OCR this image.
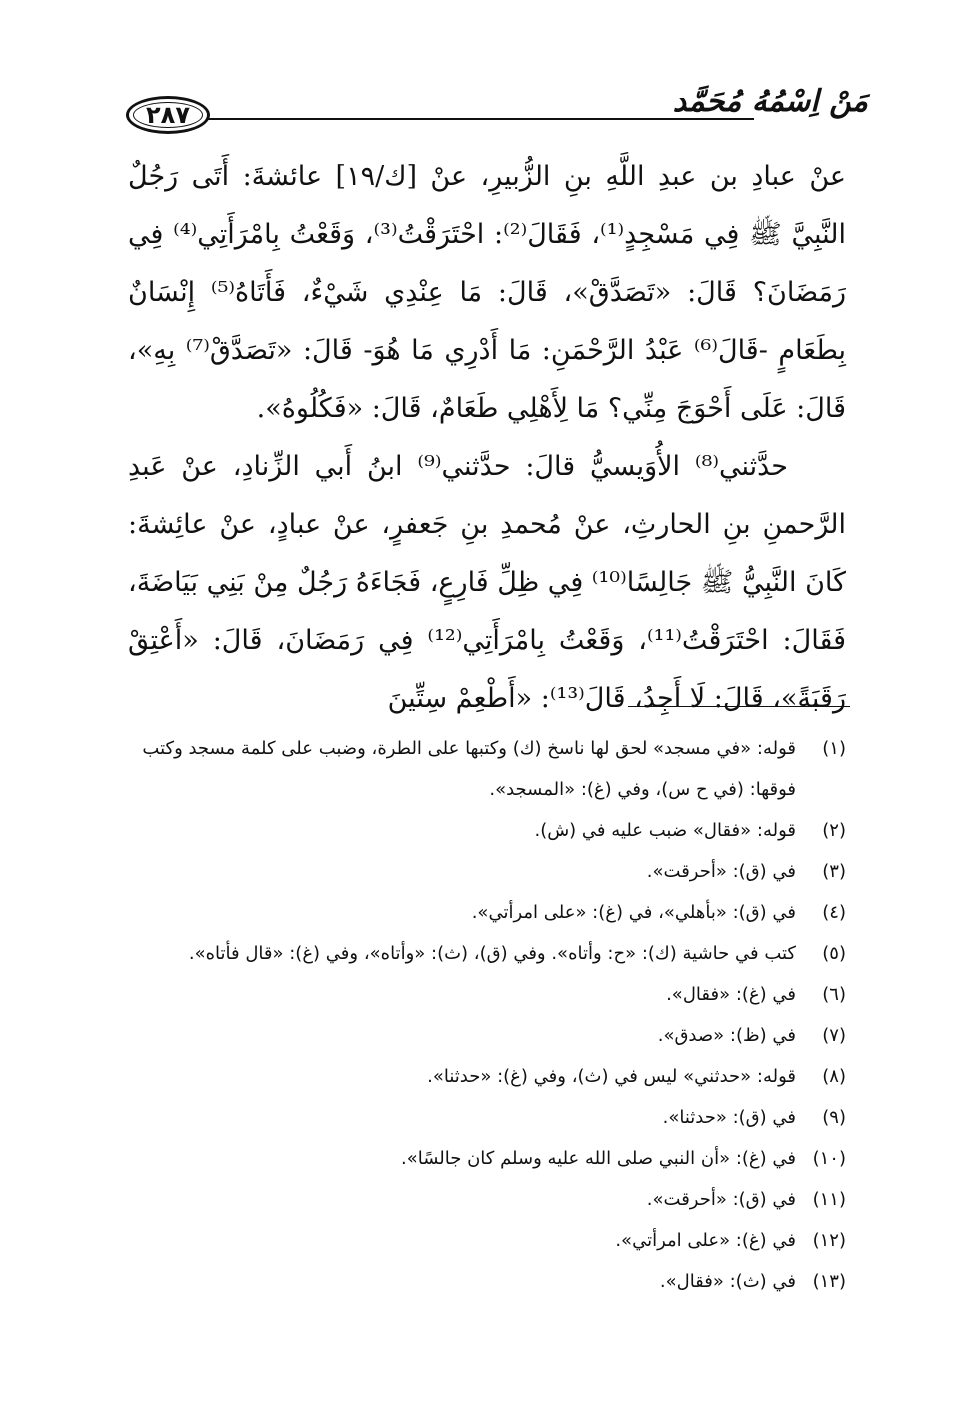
مَنْ اِسْمُهُ مُحَمَّد
٢٨٧

عنْ عبادِ بن عبدِ اللَّهِ بنِ الزُّبيرِ، عنْ [ك/١٩] عائشةَ: أَتَى رَجُلٌ النَّبِيَّ ﷺ فِي مَسْجِدٍ⁽¹⁾، فَقَالَ⁽²⁾: احْتَرَقْتُ⁽³⁾، وَقَعْتُ بِامْرَأَتِي⁽⁴⁾ فِي رَمَضَانَ؟ قَالَ: «تَصَدَّقْ»، قَالَ: مَا عِنْدِي شَيْءٌ، فَأَتَاهُ⁽⁵⁾ إِنْسَانٌ بِطَعَامٍ -قَالَ⁽⁶⁾ عَبْدُ الرَّحْمَنِ: مَا أَدْرِي مَا هُوَ- قَالَ: «تَصَدَّقْ⁽⁷⁾ بِهِ»، قَالَ: عَلَى أَحْوَجَ مِنِّي؟ مَا لِأَهْلِي طَعَامٌ، قَالَ: «فَكُلُوهُ».

حدَّثني⁽⁸⁾ الأُوَيسيُّ قالَ: حدَّثني⁽⁹⁾ ابنُ أَبي الزِّنادِ، عنْ عَبدِ الرَّحمنِ بنِ الحارثِ، عنْ مُحمدِ بنِ جَعفرٍ، عنْ عبادٍ، عنْ عائِشةَ: كَانَ النَّبِيُّ ﷺ جَالِسًا⁽¹⁰⁾ فِي ظِلِّ فَارِعٍ، فَجَاءَهُ رَجُلٌ مِنْ بَنِي بَيَاضَةَ، فَقَالَ: احْتَرَقْتُ⁽¹¹⁾، وَقَعْتُ بِامْرَأَتِي⁽¹²⁾ فِي رَمَضَانَ، قَالَ: «أَعْتِقْ رَقَبَةً»، قَالَ: لَا أَجِدُ، قَالَ⁽¹³⁾: «أَطْعِمْ سِتِّينَ

(١)
قوله: «في مسجد» لحق لها ناسخ (ك) وكتبها على الطرة، وضبب على كلمة مسجد وكتب فوقها: (في ح س)، وفي (غ): «المسجد».
(٢)
قوله: «فقال» ضبب عليه في (ش).
(٣)
في (ق): «أحرقت».
(٤)
في (ق): «بأهلي»، في (غ): «على امرأتي».
(٥)
كتب في حاشية (ك): «ح: وأتاه». وفي (ق)، (ث): «وأتاه»، وفي (غ): «قال فأتاه».
(٦)
في (غ): «فقال».
(٧)
في (ظ): «صدق».
(٨)
قوله: «حدثني» ليس في (ث)، وفي (غ): «حدثنا».
(٩)
في (ق): «حدثنا».
(١٠)
في (غ): «أن النبي صلى الله عليه وسلم كان جالسًا».
(١١)
في (ق): «أحرقت».
(١٢)
في (غ): «على امرأتي».
(١٣)
في (ث): «فقال».
